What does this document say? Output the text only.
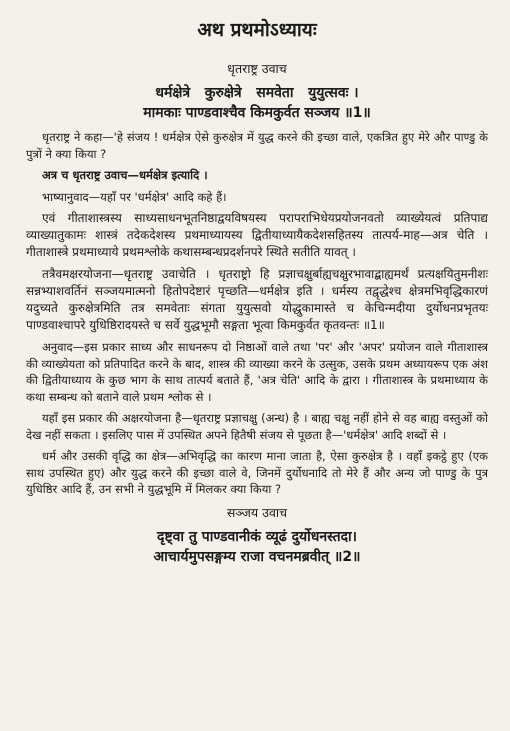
अथ प्रथमोऽध्यायः
धृतराष्ट्र उवाच
धर्मक्षेत्रे   कुरुक्षेत्रे   समवेता   युयुत्सवः ।
मामकाः पाण्डवाश्चैव किमकुर्वत सञ्जय ॥1॥

धृतराष्ट्र ने कहा—'हे संजय ! धर्मक्षेत्र ऐसे कुरुक्षेत्र में युद्ध करने की इच्छा वाले, एकत्रित हुए मेरे और पाण्डु के पुत्रों ने क्या किया ?

अत्र च धृतराष्ट्र उवाच—धर्मक्षेत्र इत्यादि ।

भाष्यानुवाद—यहाँ पर 'धर्मक्षेत्र' आदि कहे हैं।

एवं गीताशास्त्रस्य साध्यसाधनभूतनिष्ठाद्वयविषयस्य परापराभिधेयप्रयोजनवतो व्याख्येयत्वं प्रतिपाद्य व्याख्यातुकामः शास्त्रं तदेकदेशस्य प्रथमाध्यायस्य द्वितीयाध्यायैकदेशसहितस्य तात्पर्य-माह—अत्र चेति । गीताशास्त्रे प्रथमाध्याये प्रथमश्लोके कथासम्बन्धप्रदर्शनपरे स्थिते सतीति यावत् ।

तत्रैवमक्षरयोजना—धृतराष्ट्र उवाचेति । धृतराष्ट्रो हि प्रज्ञाचक्षुर्बाह्यचक्षुरभावाद्बाह्यमर्थं प्रत्यक्षयितुमनीशः सन्नभ्याशवर्तिनं सञ्जयमात्मनो हितोपदेष्टारं पृच्छति—धर्मक्षेत्र इति । धर्मस्य तद्वृद्धेश्च क्षेत्रमभिवृद्धिकारणं यदुच्यते कुरुक्षेत्रमिति तत्र समवेताः संगता युयुत्सवो योद्धुकामास्ते च केचिन्मदीया दुर्योधनप्रभृतयः पाण्डवाश्चापरे युधिष्ठिरादयस्ते च सर्वे युद्धभूमौ सङ्गता भूत्वा किमकुर्वत कृतवन्तः ॥1॥

अनुवाद—इस प्रकार साध्य और साधनरूप दो निष्ठाओं वाले तथा 'पर' और 'अपर' प्रयोजन वाले गीताशास्त्र की व्याख्येयता को प्रतिपादित करने के बाद, शास्त्र की व्याख्या करने के उत्सुक, उसके प्रथम अध्यायरूप एक अंश की द्वितीयाध्याय के कुछ भाग के साथ तात्पर्य बताते हैं, 'अत्र चेति' आदि के द्वारा । गीताशास्त्र के प्रथमाध्याय के कथा सम्बन्ध को बताने वाले प्रथम श्लोक से ।

यहाँ इस प्रकार की अक्षरयोजना है—धृतराष्ट्र प्रज्ञाचक्षु (अन्ध) है । बाह्य चक्षु नहीं होने से वह बाह्य वस्तुओं को देख नहीं सकता । इसलिए पास में उपस्थित अपने हितैषी संजय से पूछता है—'धर्मक्षेत्र' आदि शब्दों से ।

धर्म और उसकी वृद्धि का क्षेत्र—अभिवृद्धि का कारण माना जाता है, ऐसा कुरुक्षेत्र है । वहाँ इकट्ठे हुए (एक साथ उपस्थित हुए) और युद्ध करने की इच्छा वाले वे, जिनमें दुर्योधनादि तो मेरे हैं और अन्य जो पाण्डु के पुत्र युधिष्ठिर आदि हैं, उन सभी ने युद्धभूमि में मिलकर क्या किया ?

सञ्जय उवाच
दृष्ट्वा तु पाण्डवानीकं व्यूढं दुर्योधनस्तदा।
आचार्यमुपसङ्गम्य राजा वचनमब्रवीत् ॥2॥
